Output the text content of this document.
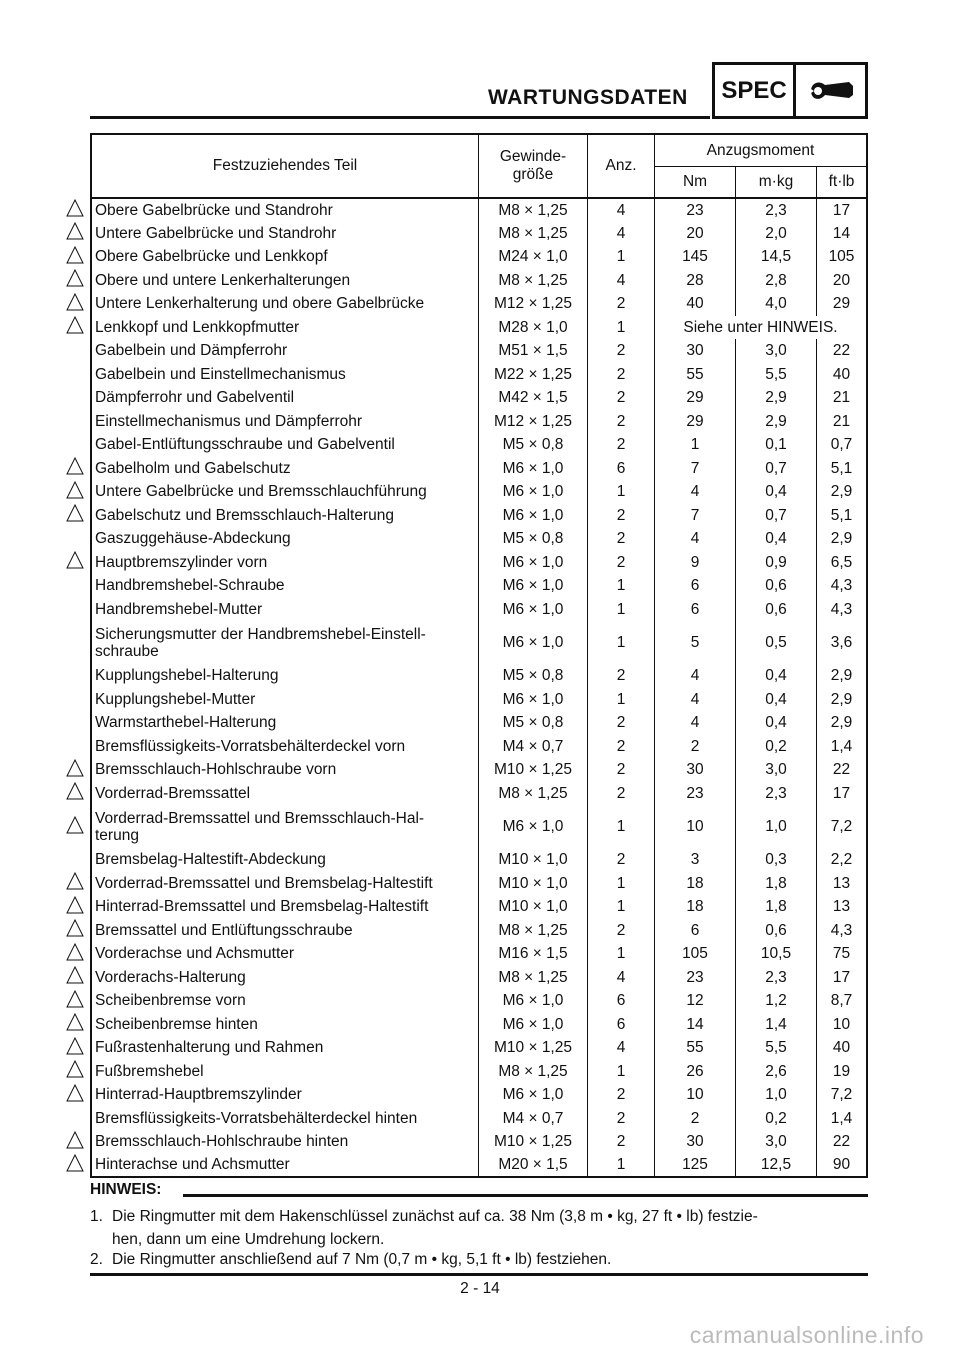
WARTUNGSDATEN	SPEC
Festzuziehendes Teil	Gewinde-
größe	Anz.	Anzugsmoment		
			Nm	m·kg	ft·lb
Obere Gabelbrücke und Standrohr	M8 × 1,25	4	23	2,3	17
Untere Gabelbrücke und Standrohr	M8 × 1,25	4	20	2,0	14
Obere Gabelbrücke und Lenkkopf	M24 × 1,0	1	145	14,5	105
Obere und untere Lenkerhalterungen	M8 × 1,25	4	28	2,8	20
Untere Lenkerhalterung und obere Gabelbrücke	M12 × 1,25	2	40	4,0	29
Lenkkopf und Lenkkopfmutter	M28 × 1,0	1	Siehe unter HINWEIS.		
Gabelbein und Dämpferrohr	M51 × 1,5	2	30	3,0	22
Gabelbein und Einstellmechanismus	M22 × 1,25	2	55	5,5	40
Dämpferrohr und Gabelventil	M42 × 1,5	2	29	2,9	21
Einstellmechanismus und Dämpferrohr	M12 × 1,25	2	29	2,9	21
Gabel-Entlüftungsschraube und Gabelventil	M5 × 0,8	2	1	0,1	0,7
Gabelholm und Gabelschutz	M6 × 1,0	6	7	0,7	5,1
Untere Gabelbrücke und Bremsschlauchführung	M6 × 1,0	1	4	0,4	2,9
Gabelschutz und Bremsschlauch-Halterung	M6 × 1,0	2	7	0,7	5,1
Gaszuggehäuse-Abdeckung	M5 × 0,8	2	4	0,4	2,9
Hauptbremszylinder vorn	M6 × 1,0	2	9	0,9	6,5
Handbremshebel-Schraube	M6 × 1,0	1	6	0,6	4,3
Handbremshebel-Mutter	M6 × 1,0	1	6	0,6	4,3
Sicherungsmutter der Handbremshebel-Einstell-
schraube	M6 × 1,0	1	5	0,5	3,6
Kupplungshebel-Halterung	M5 × 0,8	2	4	0,4	2,9
Kupplungshebel-Mutter	M6 × 1,0	1	4	0,4	2,9
Warmstarthebel-Halterung	M5 × 0,8	2	4	0,4	2,9
Bremsflüssigkeits-Vorratsbehälterdeckel vorn	M4 × 0,7	2	2	0,2	1,4
Bremsschlauch-Hohlschraube vorn	M10 × 1,25	2	30	3,0	22
Vorderrad-Bremssattel	M8 × 1,25	2	23	2,3	17
Vorderrad-Bremssattel und Bremsschlauch-Hal-
terung	M6 × 1,0	1	10	1,0	7,2
Bremsbelag-Haltestift-Abdeckung	M10 × 1,0	2	3	0,3	2,2
Vorderrad-Bremssattel und Bremsbelag-Haltestift	M10 × 1,0	1	18	1,8	13
Hinterrad-Bremssattel und Bremsbelag-Haltestift	M10 × 1,0	1	18	1,8	13
Bremssattel und Entlüftungsschraube	M8 × 1,25	2	6	0,6	4,3
Vorderachse und Achsmutter	M16 × 1,5	1	105	10,5	75
Vorderachs-Halterung	M8 × 1,25	4	23	2,3	17
Scheibenbremse vorn	M6 × 1,0	6	12	1,2	8,7
Scheibenbremse hinten	M6 × 1,0	6	14	1,4	10
Fußrastenhalterung und Rahmen	M10 × 1,25	4	55	5,5	40
Fußbremshebel	M8 × 1,25	1	26	2,6	19
Hinterrad-Hauptbremszylinder	M6 × 1,0	2	10	1,0	7,2
Bremsflüssigkeits-Vorratsbehälterdeckel hinten	M4 × 0,7	2	2	0,2	1,4
Bremsschlauch-Hohlschraube hinten	M10 × 1,25	2	30	3,0	22
Hinterachse und Achsmutter	M20 × 1,5	1	125	12,5	90
HINWEIS:
1. Die Ringmutter mit dem Hakenschlüssel zunächst auf ca. 38 Nm (3,8 m • kg, 27 ft • lb) festzie-
hen, dann um eine Umdrehung lockern.
2. Die Ringmutter anschließend auf 7 Nm (0,7 m • kg, 5,1 ft • lb) festziehen.
2 - 14
carmanualsonline.info
